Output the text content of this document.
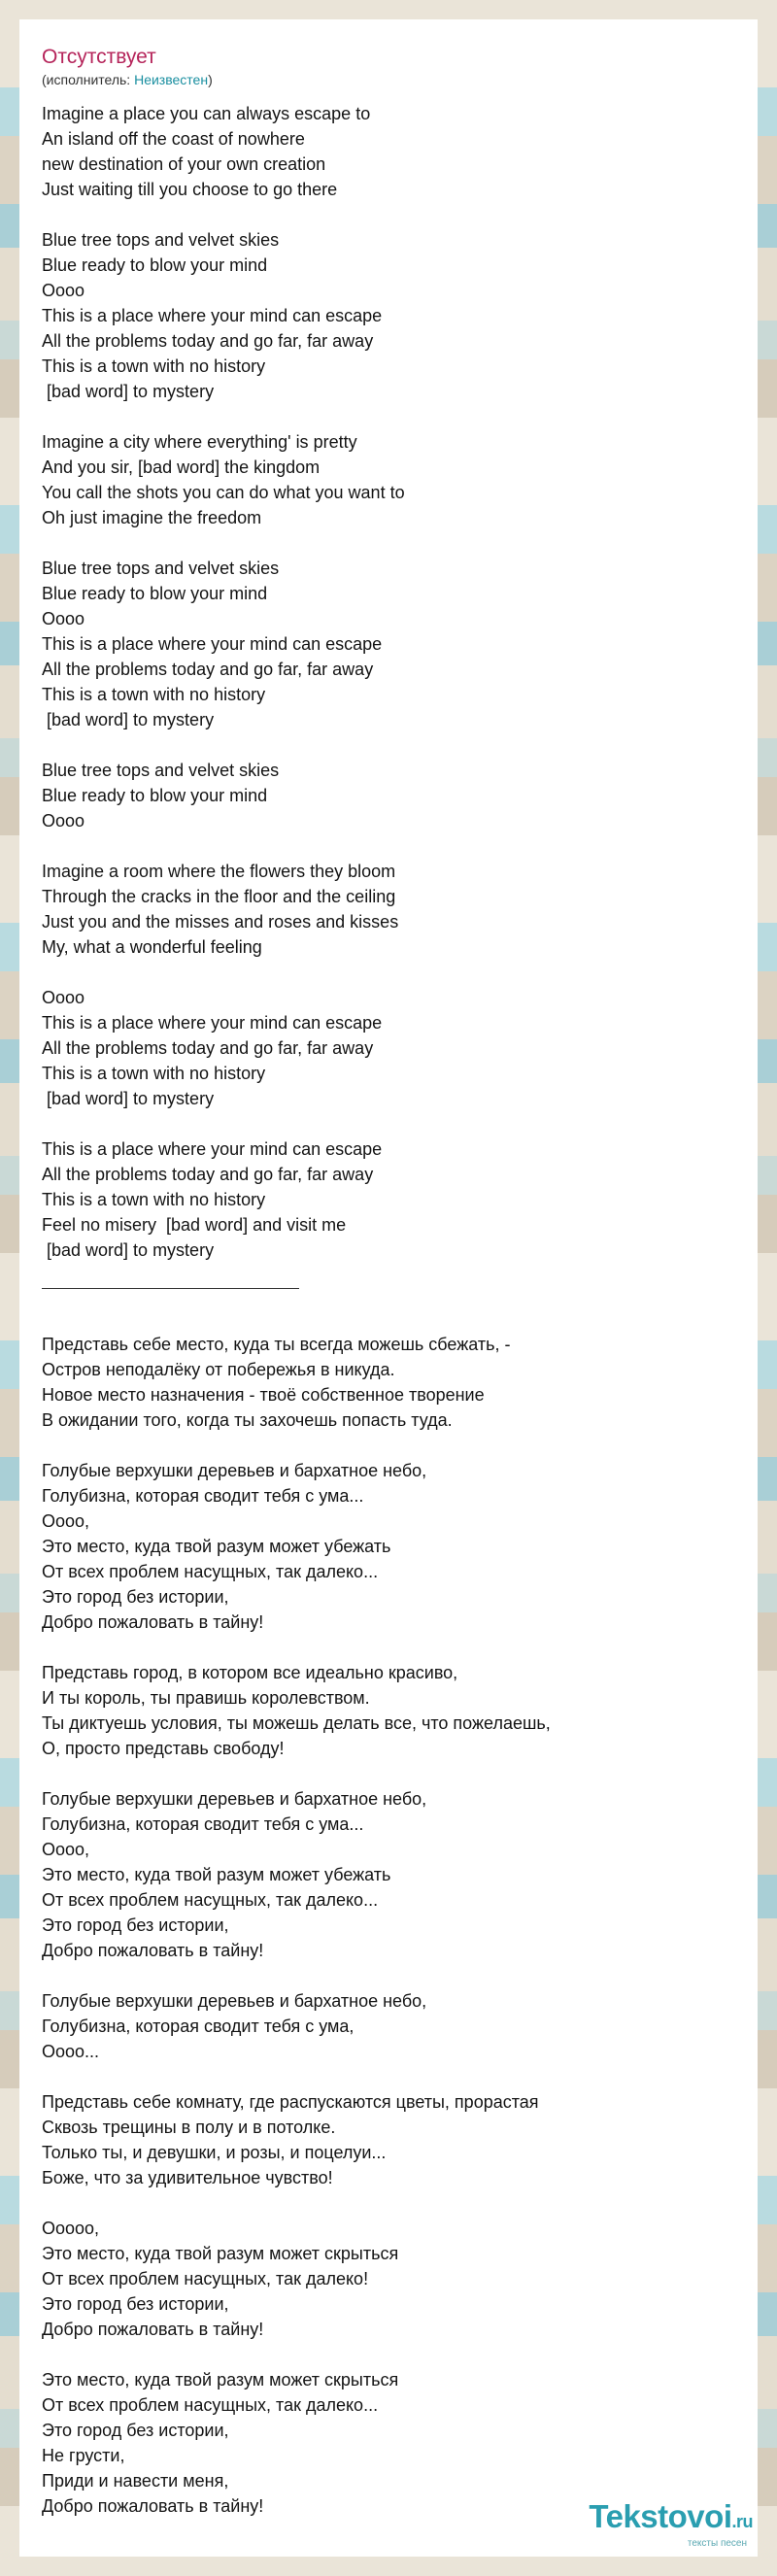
Отсутствует
(исполнитель: Неизвестен)
Imagine a place you can always escape to
An island off the coast of nowhere
new destination of your own creation
Just waiting till you choose to go there
Blue tree tops and velvet skies
Blue ready to blow your mind
Oooo
This is a place where your mind can escape
All the problems today and go far, far away
This is a town with no history
[bad word] to mystery
Imagine a city where everything' is pretty
And you sir, [bad word] the kingdom
You call the shots you can do what you want to
Oh just imagine the freedom
Blue tree tops and velvet skies
Blue ready to blow your mind
Oooo
This is a place where your mind can escape
All the problems today and go far, far away
This is a town with no history
[bad word] to mystery
Blue tree tops and velvet skies
Blue ready to blow your mind
Oooo
Imagine a room where the flowers they bloom
Through the cracks in the floor and the ceiling
Just you and the misses and roses and kisses
My, what a wonderful feeling
Oooo
This is a place where your mind can escape
All the problems today and go far, far away
This is a town with no history
[bad word] to mystery
This is a place where your mind can escape
All the problems today and go far, far away
This is a town with no history
Feel no misery  [bad word] and visit me
[bad word] to mystery
Представь себе место, куда ты всегда можешь сбежать, -
Остров неподалёку от побережья в никуда.
Новое место назначения - твоё собственное творение
В ожидании того, когда ты захочешь попасть туда.
Голубые верхушки деревьев и бархатное небо,
Голубизна, которая сводит тебя с ума...
Оооо,
Это место, куда твой разум может убежать
От всех проблем насущных, так далеко...
Это город без истории,
Добро пожаловать в тайну!
Представь город, в котором все идеально красиво,
И ты король, ты правишь королевством.
Ты диктуешь условия, ты можешь делать все, что пожелаешь,
О, просто представь свободу!
Голубые верхушки деревьев и бархатное небо,
Голубизна, которая сводит тебя с ума...
Оооо,
Это место, куда твой разум может убежать
От всех проблем насущных, так далеко...
Это город без истории,
Добро пожаловать в тайну!
Голубые верхушки деревьев и бархатное небо,
Голубизна, которая сводит тебя с ума,
Оооо...
Представь себе комнату, где распускаются цветы, прорастая
Сквозь трещины в полу и в потолке.
Только ты, и девушки, и розы, и поцелуи...
Боже, что за удивительное чувство!
Ооооо,
Это место, куда твой разум может скрыться
От всех проблем насущных, так далеко!
Это город без истории,
Добро пожаловать в тайну!
Это место, куда твой разум может скрыться
От всех проблем насущных, так далеко...
Это город без истории,
Не грусти,
Приди и навести меня,
Добро пожаловать в тайну!	Tekstovoi.ru
тексты песен
